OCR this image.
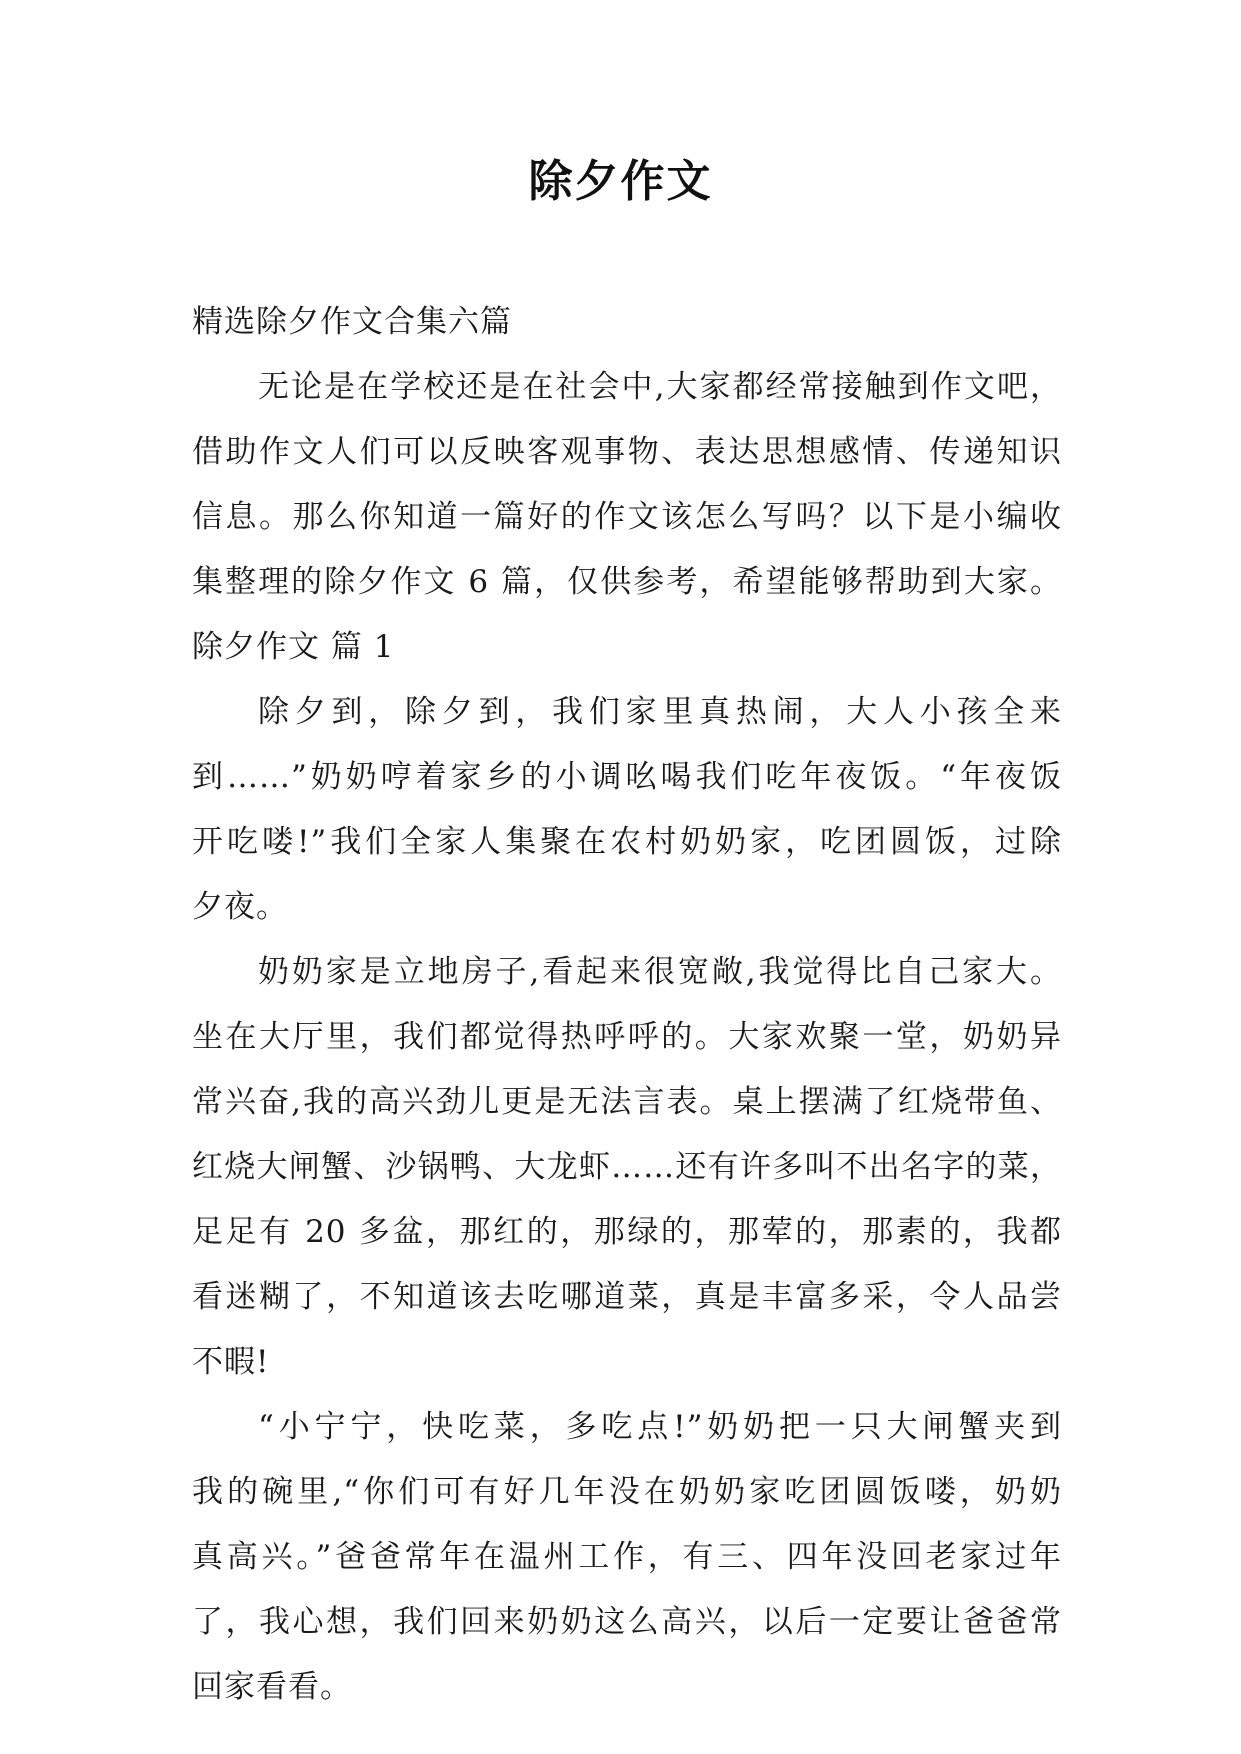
除夕作文
精选除夕作文合集六篇
无论是在学校还是在社会中,大家都经常接触到作文吧，
借助作文人们可以反映客观事物、表达思想感情、传递知识
信息。那么你知道一篇好的作文该怎么写吗？以下是小编收
集整理的除夕作文 6 篇，仅供参考，希望能够帮助到大家。
除夕作文 篇 1
除夕到，除夕到，我们家里真热闹，大人小孩全来
到……”奶奶哼着家乡的小调吆喝我们吃年夜饭。“年夜饭
开吃喽!”我们全家人集聚在农村奶奶家，吃团圆饭，过除
夕夜。
奶奶家是立地房子,看起来很宽敞,我觉得比自己家大。
坐在大厅里，我们都觉得热呼呼的。大家欢聚一堂，奶奶异
常兴奋,我的高兴劲儿更是无法言表。桌上摆满了红烧带鱼、
红烧大闸蟹、沙锅鸭、大龙虾……还有许多叫不出名字的菜，
足足有 20 多盆，那红的，那绿的，那荤的，那素的，我都
看迷糊了，不知道该去吃哪道菜，真是丰富多采，令人品尝
不暇!
“小宁宁，快吃菜，多吃点!”奶奶把一只大闸蟹夹到
我的碗里,“你们可有好几年没在奶奶家吃团圆饭喽，奶奶
真高兴。”爸爸常年在温州工作，有三、四年没回老家过年
了，我心想，我们回来奶奶这么高兴，以后一定要让爸爸常
回家看看。
